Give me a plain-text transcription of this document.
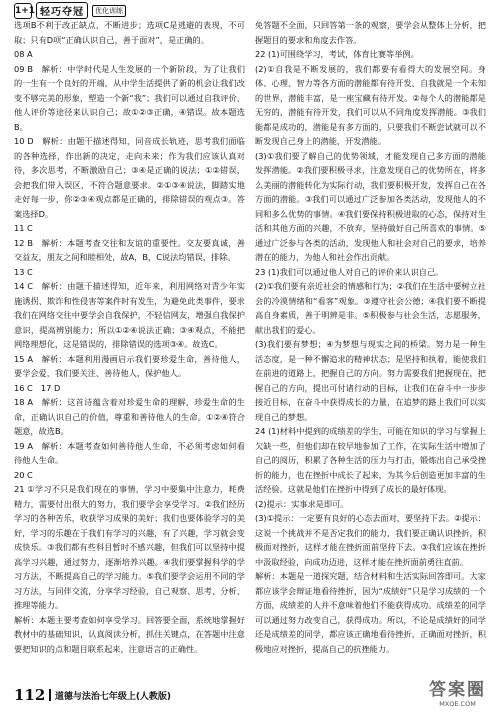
1+1 轻巧夺冠	优化训练

选项B不利于改正缺点，不断进步；选项C是逃避的表现，不可取；只有D项“正确认识自己，善于面对”，是正确的。

08 A

09 B　解析：中学时代是人生发展的一个新阶段，为了让我们的一生有一个良好的开端，从中学生活提供了新的机会让我们改变不够完美的形象，塑造一个新“我”；我们可以通过自我评价、他人评价等途径来认识自己；故①②③正确，④错误。故本题选B。

10 D　解析：由题干描述得知，同音成长轨迹，思考我们面临的各种选择，作出新的决定，走向未来；作为我们应该认真对待，多次思考，不断激励自己；③④是正确的说法；①②错误，会把我们带入误区，不符合题意要求。②①③④说法，脚踏实地走好每一步，你②③④观点都是正确的，排除错误的观点③。答案选择D。

11 C

12 B　解析：本题考查交往和友谊的重要性。交友要真诚，善交益友，朋友之间和睦相处，故A，B，C说法均错误，排除。

13 C

14 C　解析：由题干描述得知，近年来，利用网络对青少年实施诱拐、欺诈和性侵害等案件时有发生，为避免此类事件，要求我们在网络交往中要学会自我保护，不轻信网友，增强自我保护意识，提高辨别能力；所以①②④说法正确；③④观点，不能把网络理想化，这是错误的，排除错误的选项③④。故选C。

15 A　解析：本题利用漫画启示我们要珍爱生命，善待他人，要学会爱，我们要关注、善待他人，保护他人。

16 C　17 D

18 A　解析：这首诗蕴含着对珍爱生命的理解，珍爱生命的生命，正确认识自己的价值，尊重和善待他人的生命。①②④符合题意，故选B。

19 A　解析：本题考查如何善待他人生命，不必须考虑如何看待他人生命。

20 C

21 ①学习不只是我们现在的事情，学习中要集中注意力，耗费精力，需要付出很大的努力，我们要学会享受学习。②我们经历学习的各种苦乐，收获学习成果的美好；我们也要体验学习的美好，学习的乐趣在于我们有学习的兴趣，有了兴趣，学习就会变成快乐。③我们都有些科目暂时不感兴趣，但我们可以坚持中提高学习兴趣，通过努力，逐渐培养兴趣。④我们要掌握科学的学习方法，不断提高自己的学习能力。⑤我们要学会运用不同的学习方法，与同伴交流，分享学习经验，自己观察、思考、分析、推理等能力。

解析：本题主要考查如何享受学习。回答要全面，系统地掌握好教材中的基础知识，认真阅读分析，抓住关键点，在答题中注意要把知识的点和题目联系起来，注意语言的正确性。

免答题不全面，只回答第一条的观察，要学会从整体上分析，把握题目的要求和角度去作答。

22 (1)可围绕学习，考试，体育比赛等举例。

(2)①自我是不断发展的，我们都要有看得大的发展空间。身体、心理、智力等各方面的潜能都有待开发，自我就是一个未知的世界，潜能丰富，是一座宝藏有待开发。②每个人的潜能都是无穷的，潜能有待开发，我们可以从不同角度发挥潜能。③我们能都是成功的，潜能是有多方面的，只要我们不断尝试就可以不断发现自己身上的潜能，开发潜能。

(3)①我们要了解自己的优势领域，才能发现自己多方面的潜能发挥潜能。②我们要积极寻求，注意发现自己的优势所在，将多么美丽的潜能转化为实际行动，我们要积极开发，发挥自己在各方面的潜能。③我们可以通过广泛参加各类活动，发现他人的不同和多么优势的事情。④我们要保持积极进取的心态，保持对生活和其他方面的兴趣，不放弃，坚持做好自己所喜欢的事情。⑤通过广泛参与各类的活动，发现他人和社会对自己的要求，培养潜在的能力，为他人和社会作出贡献。

23 (1)我们可以通过他人对自己的评价来认识自己。

(2)①我们要有亲近社会的情感和行为；②我们在生活中要树立社会的冷漠情绪和“看客”观象。③遵守社会公德；④我们要不断提高自身素质，善于明辨是非。⑤积极参与社会生活，志愿服务，献出我们的爱心。

(3)我们要有梦想；④为梦想与现实之间的桥梁。努力是一种生活态度，是一种不懈追求的精神状态；是坚持和执着，能使我们在前进的道路上，把握自己的方向。努力需要我们把握现在，把握自己的方向，提出可付诸行动的目标，让我们在奋斗中一步步接近目标，在奋斗中获得成长的力量，在追梦的路上我们可以实现自己的梦想。

24 (1)材料中提到的成绩差的学生，可能在知识的学习与掌握上欠缺一些，但他们却在较早地参加了工作，在实际生活中增加了自己的阅历，积累了各种生活的压力与打击，锻炼出自己承受挫折的能力，也在挫折中成长了起来，为其今后创造更加丰富的生活经验。这就是他们在挫折中得到了成长的最好体现。

(2)提示：实事求是即可。

(3)①提示：一定要有良好的心态去面对，要坚持下去。②提示：这说一个挑战并不是否定我们的能力，我们要正确认识挫折，积极面对挫折，这样才能在挫折面前坚持下去。③我们应该在挫折中汲取经验，向成功迈进，这样才能在挫折面前勇往直前。

解析：本题是一道探究题，结合材料和生活实际回答即可。大家都应该学会辩证地看待挫折，因为“成绩好”只是学习成绩的一个方面，成绩差的人并不意味着他们不能获得成功。成绩差的同学可以通过努力改变自己，获得成功。所以，不论是成绩好的同学还是成绩差的同学，都应该正确地看待挫折，正确面对挫折，积极地应对挫折，提高自己的抗挫能力。

112 道德与法治七年级上(人教版)	答案圈
MXQE.COM
